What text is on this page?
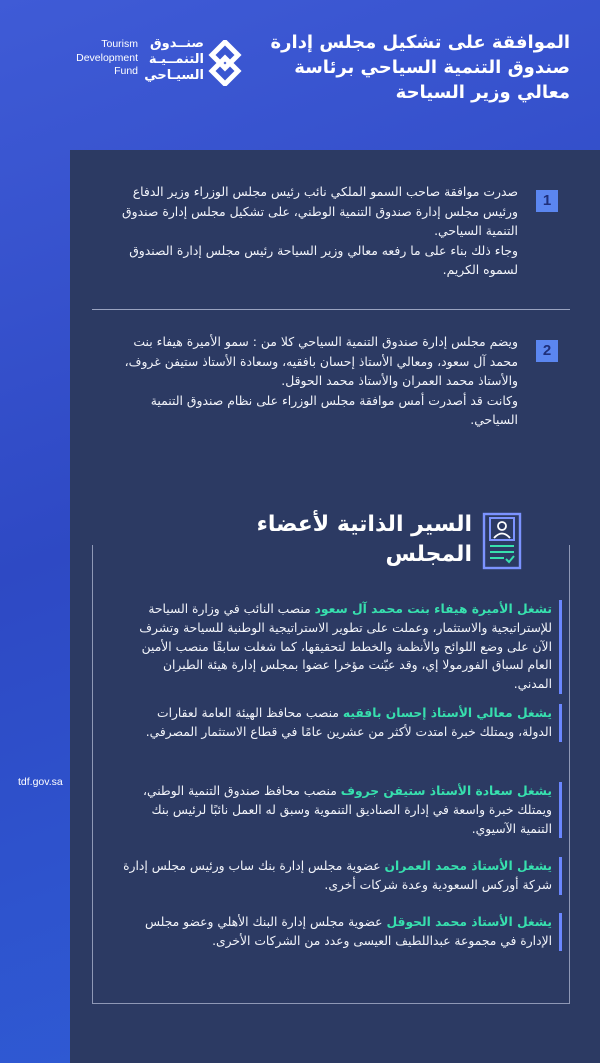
Tourism
Development
Fund
صنــدوق
التنمــيـة
السيـاحي
الموافقة على تشكيل مجلس إدارة صندوق التنمية السياحي برئاسة معالي وزير السياحة
1
صدرت موافقة صاحب السمو الملكي نائب رئيس مجلس الوزراء وزير الدفاع ورئيس مجلس إدارة صندوق التنمية الوطني، على تشكيل مجلس إدارة صندوق التنمية السياحي.
وجاء ذلك بناء على ما رفعه معالي وزير السياحة رئيس مجلس إدارة الصندوق لسموه الكريم.
2
ويضم مجلس إدارة صندوق التنمية السياحي كلا من : سمو الأميرة هيفاء بنت محمد آل سعود، ومعالي الأستاذ إحسان بافقيه، وسعادة الأستاذ ستيفن غروف، والأستاذ محمد العمران والأستاذ محمد الحوقل.
وكانت قد أصدرت أمس موافقة مجلس الوزراء على نظام صندوق التنمية السياحي.
السير الذاتية لأعضاء المجلس
تشغل الأميرة هيفاء بنت محمد آل سعود منصب النائب في وزارة السياحة للإستراتيجية والاستثمار، وعملت على تطوير الاستراتيجية الوطنية للسياحة وتشرف الآن على وضع اللوائح والأنظمة والخطط لتحقيقها، كما شغلت سابقًا منصب الأمين العام لسباق الفورمولا إي، وقد عيّنت مؤخرا عضوا بمجلس إدارة هيئة الطيران المدني.
يشغل معالي الأستاذ إحسان بافقيه منصب محافظ الهيئة العامة لعقارات الدولة، ويمتلك خبرة امتدت لأكثر من عشرين عامًا في قطاع الاستثمار المصرفي.
يشغل سعادة الأستاذ ستيفن جروف منصب محافظ صندوق التنمية الوطني، ويمتلك خبرة واسعة في إدارة الصناديق التنموية وسبق له العمل نائبًا لرئيس بنك التنمية الآسيوي.
يشغل الأستاذ محمد العمران عضوية مجلس إدارة بنك ساب ورئيس مجلس إدارة شركة أوركس السعودية وعدة شركات أخرى.
يشغل الأستاذ محمد الحوقل عضوية مجلس إدارة البنك الأهلي وعضو مجلس الإدارة في مجموعة عبداللطيف العيسى وعدد من الشركات الأخرى.
tdf.gov.sa
